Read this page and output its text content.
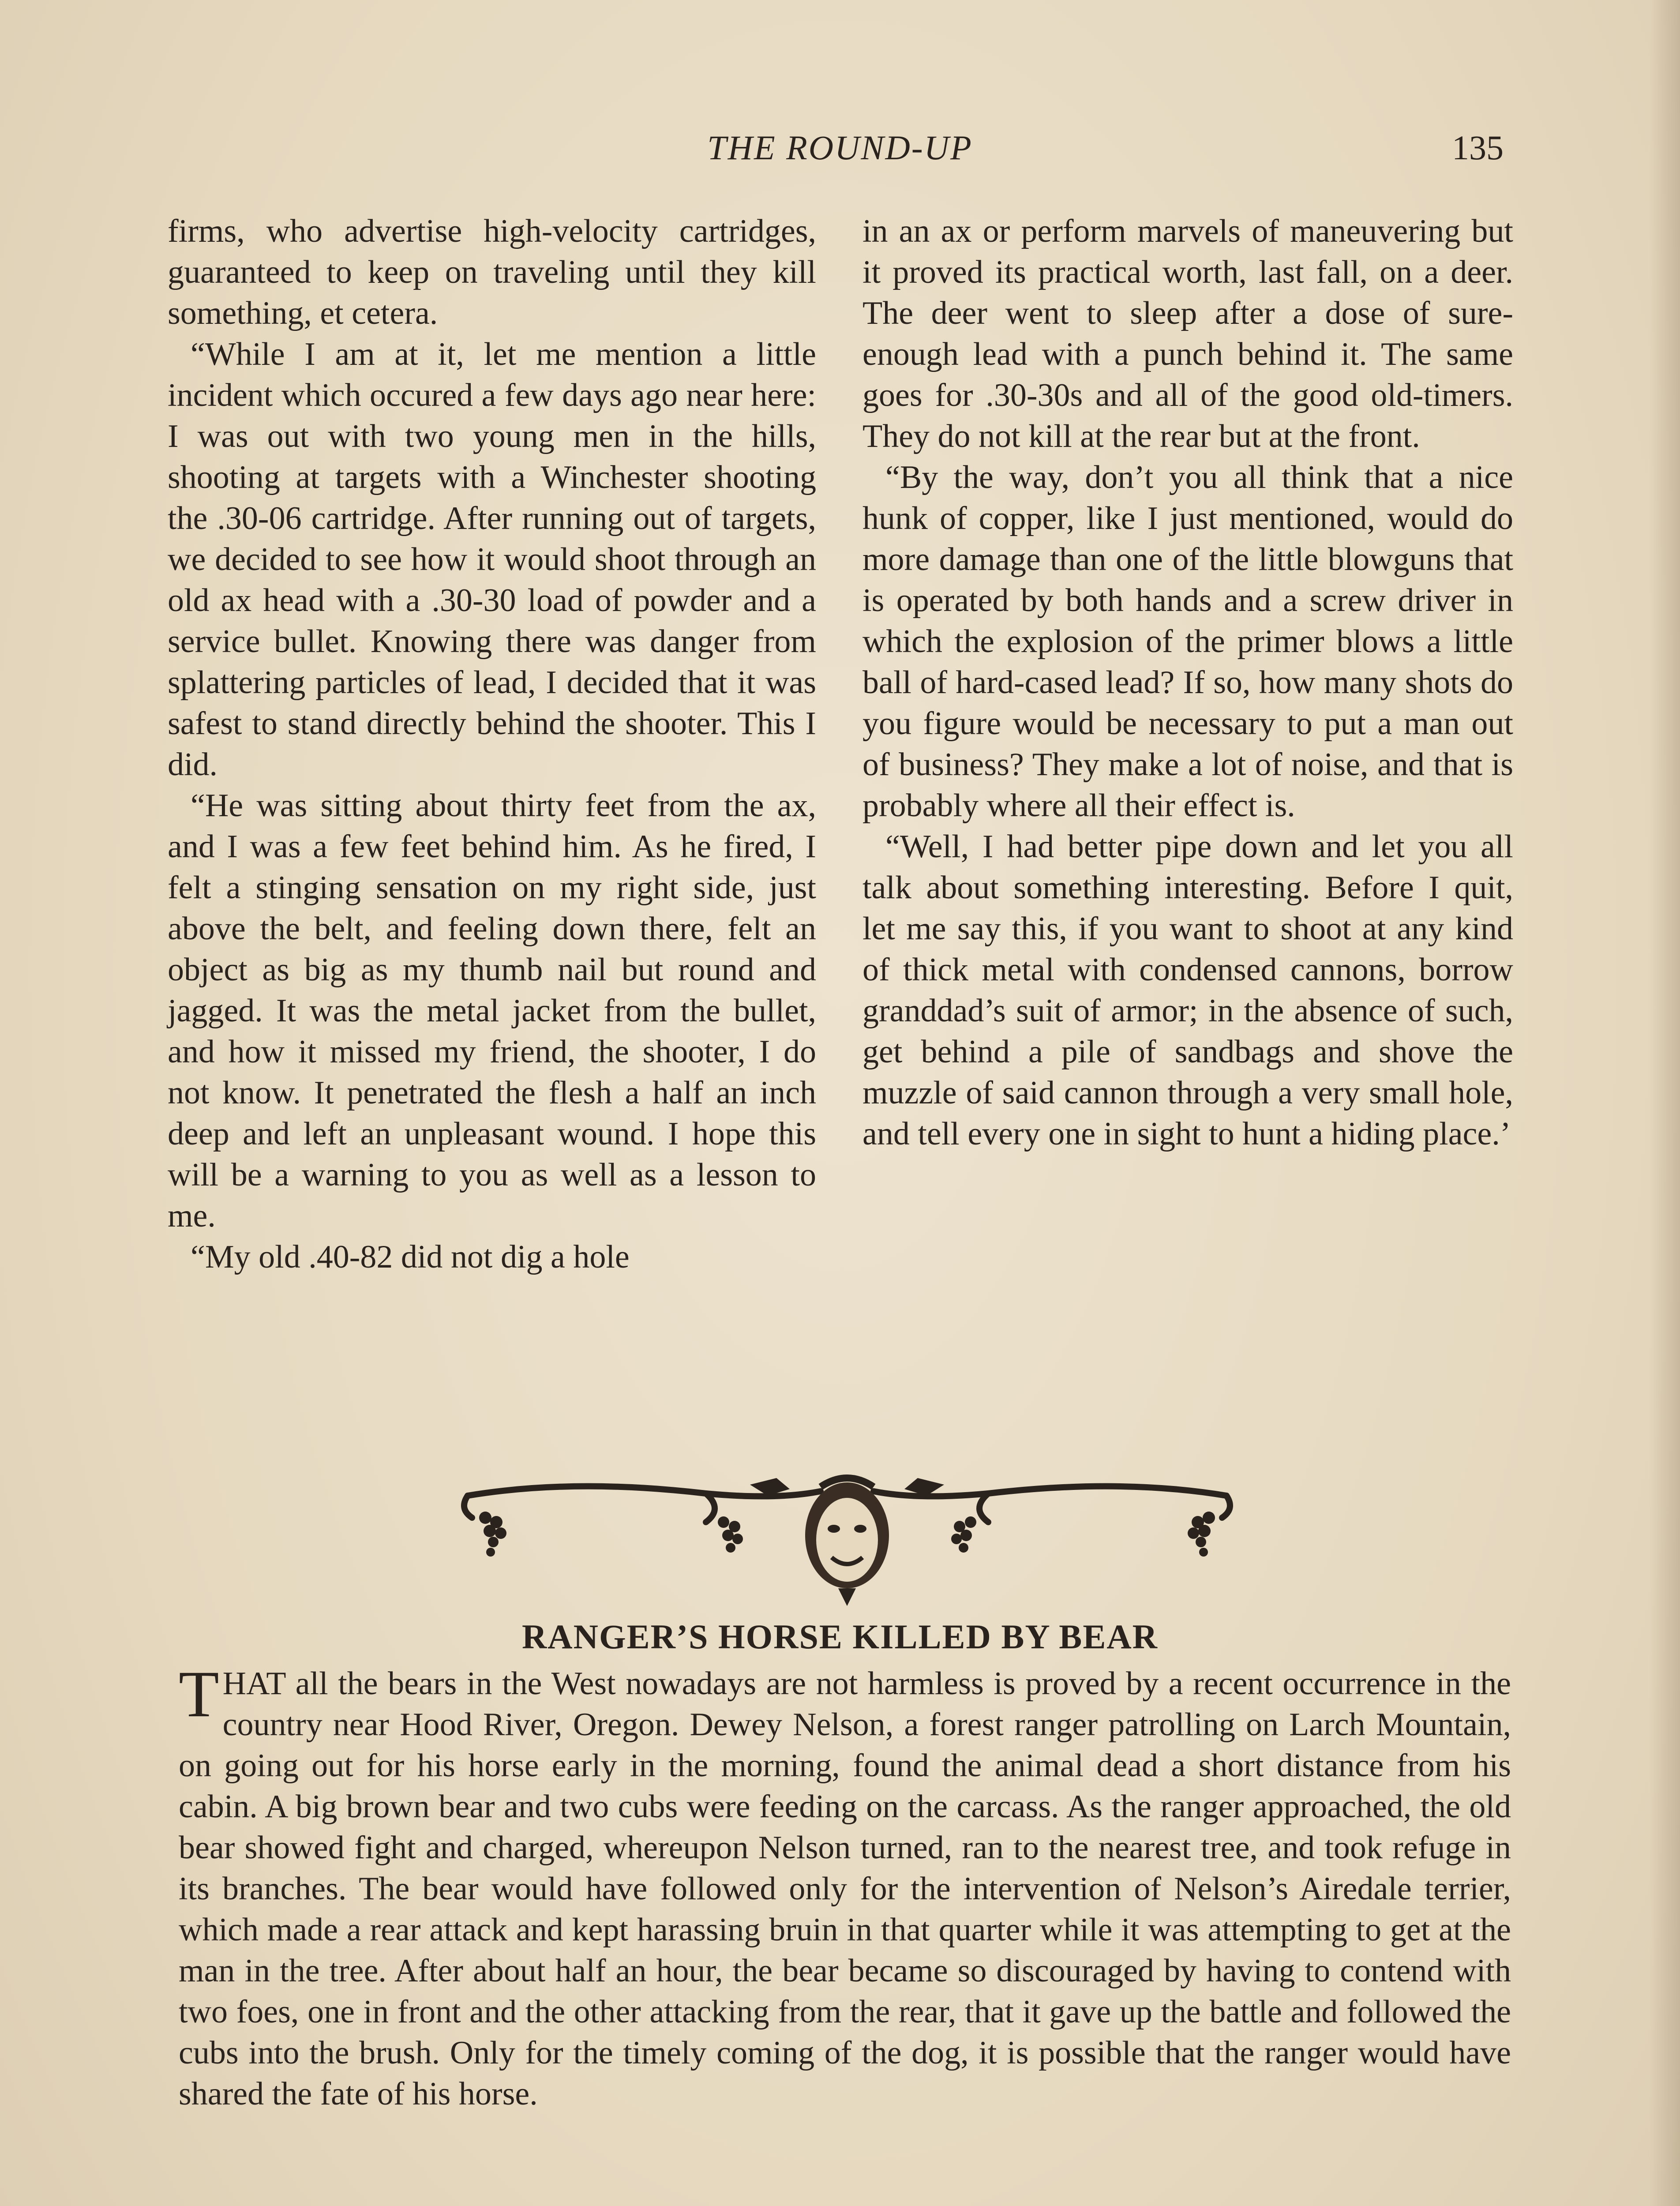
THE ROUND-UP	135

firms, who advertise high-velocity cartridges, guaranteed to keep on traveling until they kill something, et cetera.

“While I am at it, let me mention a little incident which occured a few days ago near here: I was out with two young men in the hills, shooting at targets with a Winchester shooting the .30-06 cartridge. After running out of targets, we decided to see how it would shoot through an old ax head with a .30-30 load of powder and a service bullet. Knowing there was danger from splattering particles of lead, I decided that it was safest to stand directly behind the shooter. This I did.

“He was sitting about thirty feet from the ax, and I was a few feet behind him. As he fired, I felt a stinging sensation on my right side, just above the belt, and feeling down there, felt an object as big as my thumb nail but round and jagged. It was the metal jacket from the bullet, and how it missed my friend, the shooter, I do not know. It penetrated the flesh a half an inch deep and left an unpleasant wound. I hope this will be a warning to you as well as a lesson to me.

“My old .40-82 did not dig a hole

in an ax or perform marvels of maneuvering but it proved its practical worth, last fall, on a deer. The deer went to sleep after a dose of sure-enough lead with a punch behind it. The same goes for .30-30s and all of the good old-timers. They do not kill at the rear but at the front.

“By the way, don’t you all think that a nice hunk of copper, like I just mentioned, would do more damage than one of the little blowguns that is operated by both hands and a screw driver in which the explosion of the primer blows a little ball of hard-cased lead? If so, how many shots do you figure would be necessary to put a man out of business? They make a lot of noise, and that is probably where all their effect is.

“Well, I had better pipe down and let you all talk about something interesting. Before I quit, let me say this, if you want to shoot at any kind of thick metal with condensed cannons, borrow granddad’s suit of armor; in the absence of such, get behind a pile of sandbags and shove the muzzle of said cannon through a very small hole, and tell every one in sight to hunt a hiding place.’

RANGER’S HORSE KILLED BY BEAR
THAT all the bears in the West nowadays are not harmless is proved by a recent occurrence in the country near Hood River, Oregon. Dewey Nelson, a forest ranger patrolling on Larch Mountain, on going out for his horse early in the morning, found the animal dead a short distance from his cabin. A big brown bear and two cubs were feeding on the carcass. As the ranger approached, the old bear showed fight and charged, whereupon Nelson turned, ran to the nearest tree, and took refuge in its branches. The bear would have followed only for the intervention of Nelson’s Airedale terrier, which made a rear attack and kept harassing bruin in that quarter while it was attempting to get at the man in the tree. After about half an hour, the bear became so discouraged by having to contend with two foes, one in front and the other attacking from the rear, that it gave up the battle and followed the cubs into the brush. Only for the timely coming of the dog, it is possible that the ranger would have shared the fate of his horse.
